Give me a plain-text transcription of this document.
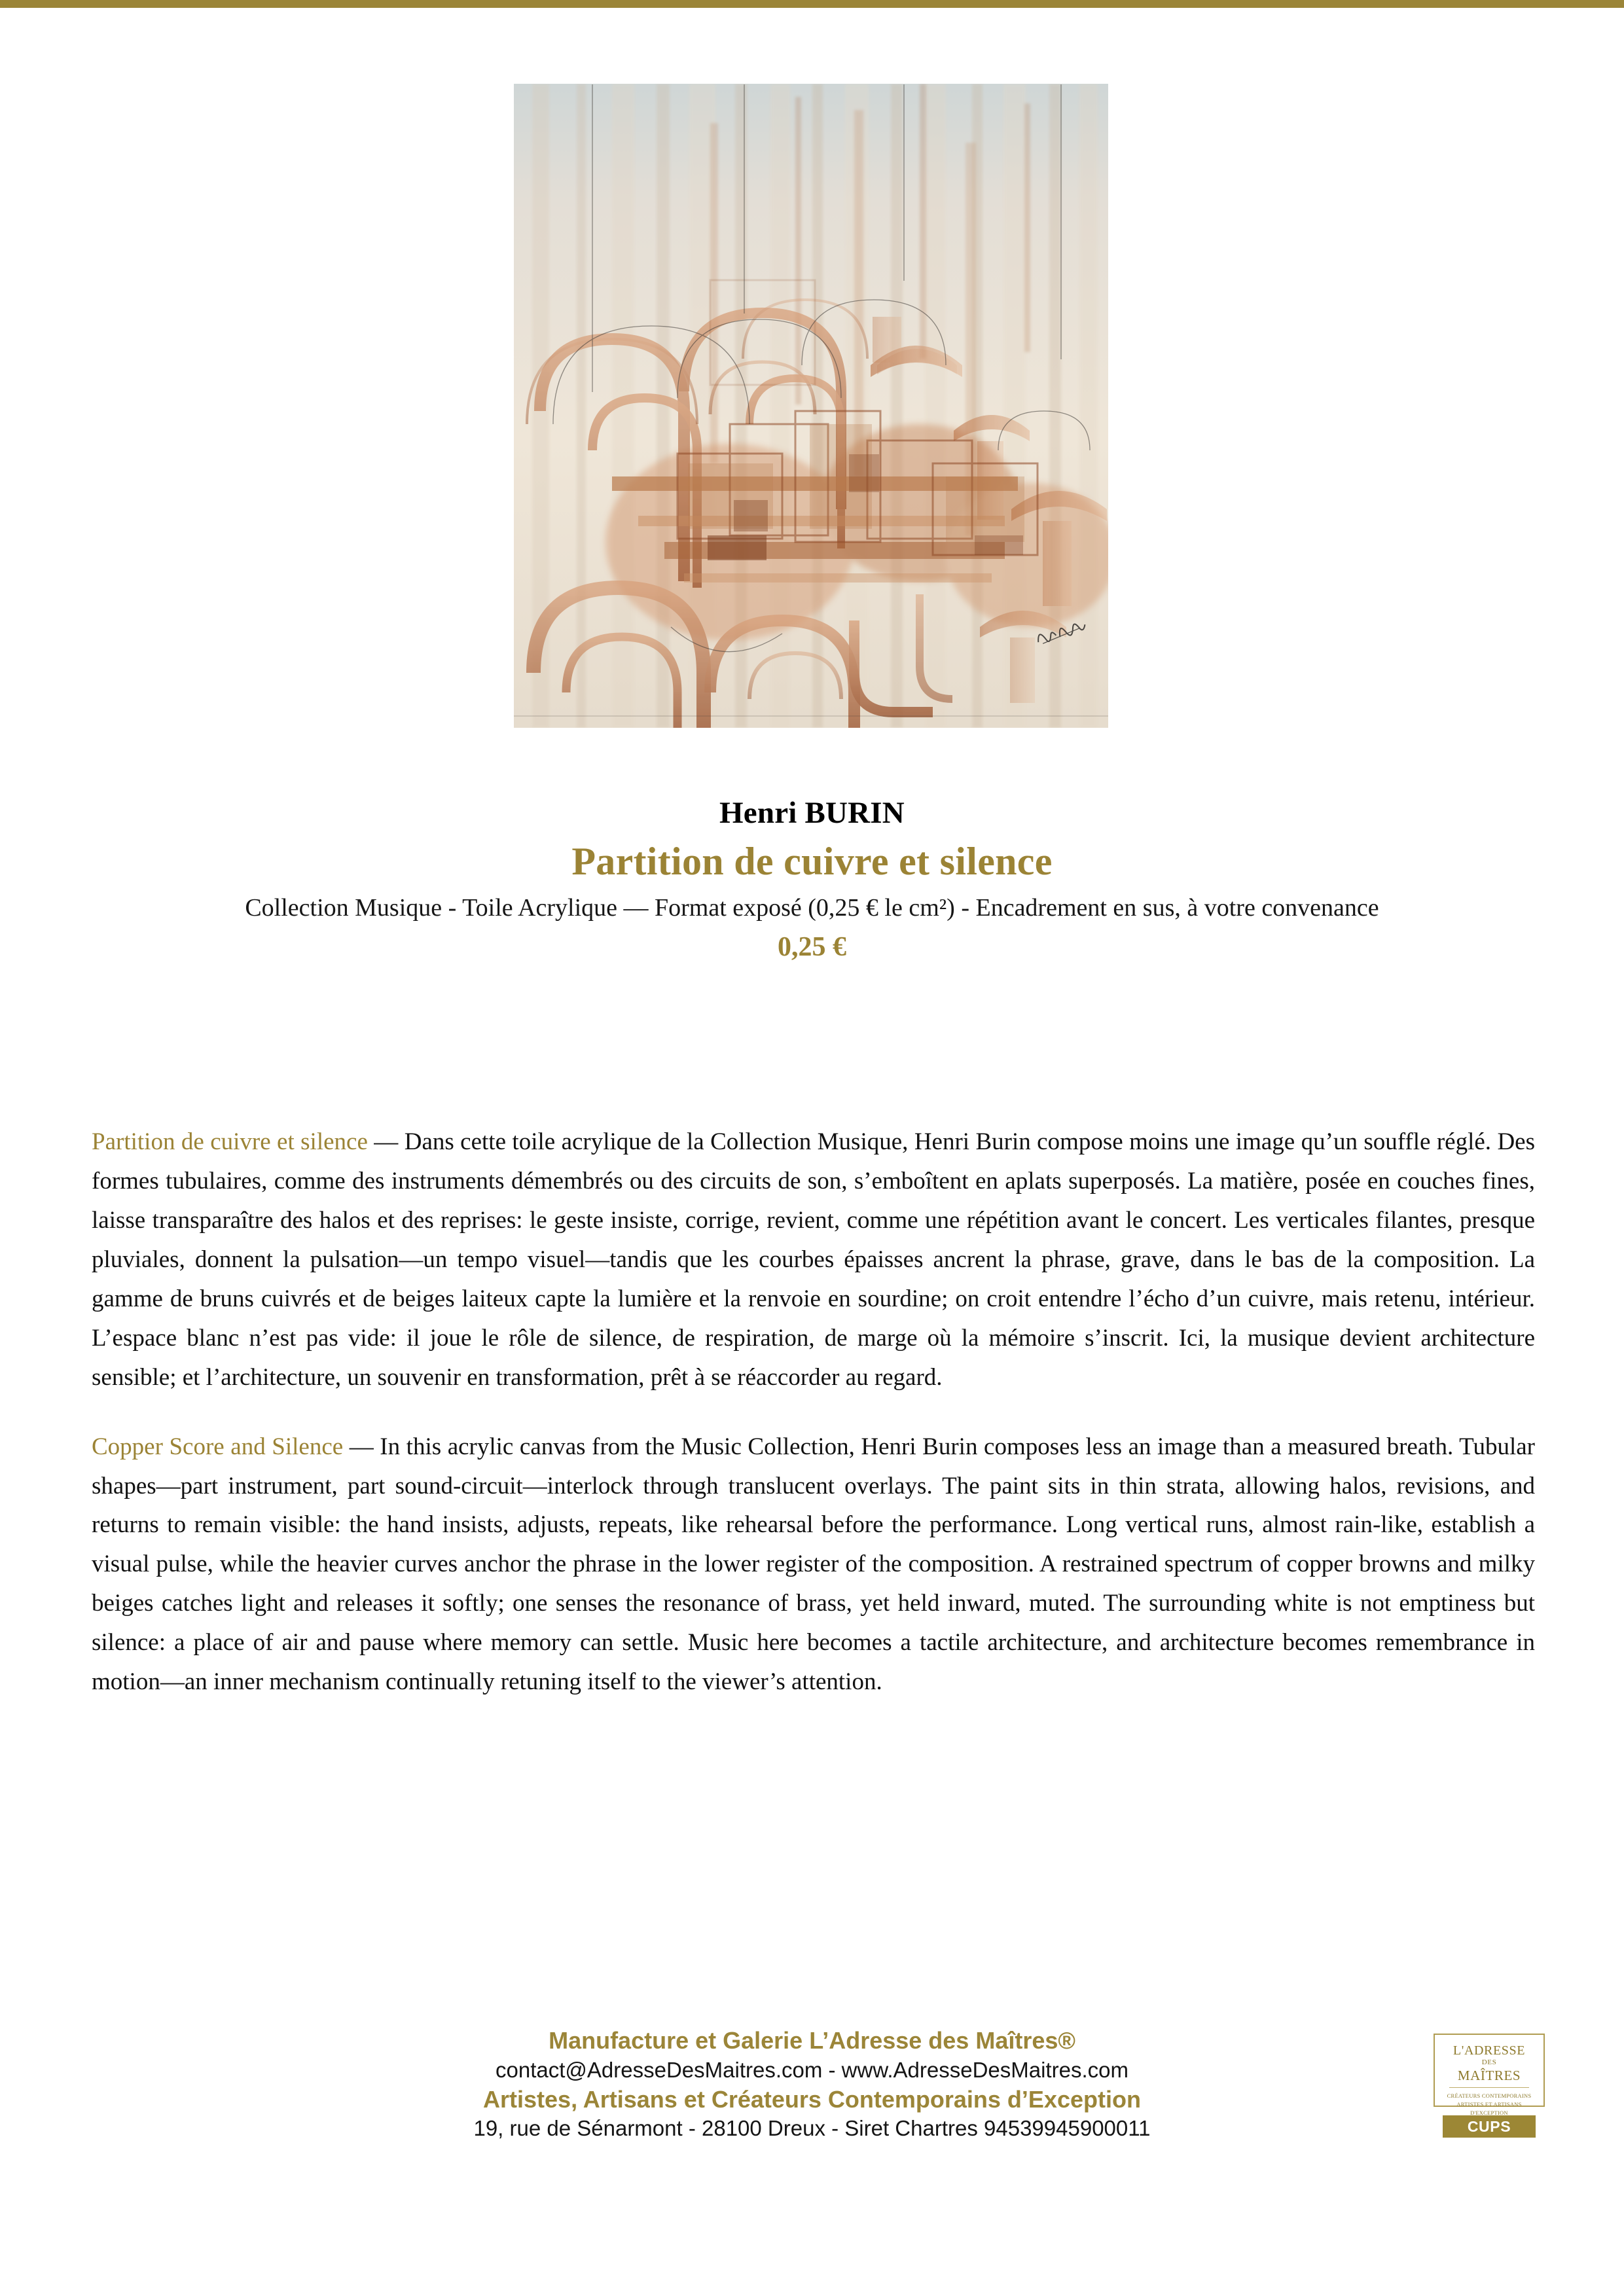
Henri BURIN
Partition de cuivre et silence
Collection Musique - Toile Acrylique — Format exposé (0,25 € le cm²) - Encadrement en sus, à votre convenance
0,25 €

Partition de cuivre et silence — Dans cette toile acrylique de la Collection Musique, Henri Burin compose moins une image qu’un souffle réglé. Des formes tubulaires, comme des instruments démembrés ou des circuits de son, s’emboîtent en aplats superposés. La matière, posée en couches fines, laisse transparaître des halos et des reprises: le geste insiste, corrige, revient, comme une répétition avant le concert. Les verticales filantes, presque pluviales, donnent la pulsation—un tempo visuel—tandis que les courbes épaisses ancrent la phrase, grave, dans le bas de la composition. La gamme de bruns cuivrés et de beiges laiteux capte la lumière et la renvoie en sourdine; on croit entendre l’écho d’un cuivre, mais retenu, intérieur. L’espace blanc n’est pas vide: il joue le rôle de silence, de respiration, de marge où la mémoire s’inscrit. Ici, la musique devient architecture sensible; et l’architecture, un souvenir en transformation, prêt à se réaccorder au regard.

Copper Score and Silence — In this acrylic canvas from the Music Collection, Henri Burin composes less an image than a measured breath. Tubular shapes—part instrument, part sound-circuit—interlock through translucent overlays. The paint sits in thin strata, allowing halos, revisions, and returns to remain visible: the hand insists, adjusts, repeats, like rehearsal before the performance. Long vertical runs, almost rain-like, establish a visual pulse, while the heavier curves anchor the phrase in the lower register of the composition. A restrained spectrum of copper browns and milky beiges catches light and releases it softly; one senses the resonance of brass, yet held inward, muted. The surrounding white is not emptiness but silence: a place of air and pause where memory can settle. Music here becomes a tactile architecture, and architecture becomes remembrance in motion—an inner mechanism continually retuning itself to the viewer’s attention.

Manufacture et Galerie L’Adresse des Maîtres®
contact@AdresseDesMaitres.com - www.AdresseDesMaitres.com
Artistes, Artisans et Créateurs Contemporains d’Exception
19, rue de Sénarmont - 28100 Dreux - Siret Chartres 94539945900011
L'ADRESSE
DES
MAÎTRES
CRÉATEURS CONTEMPORAINS
ARTISTES ET ARTISANS
D'EXCEPTION
CUPS
